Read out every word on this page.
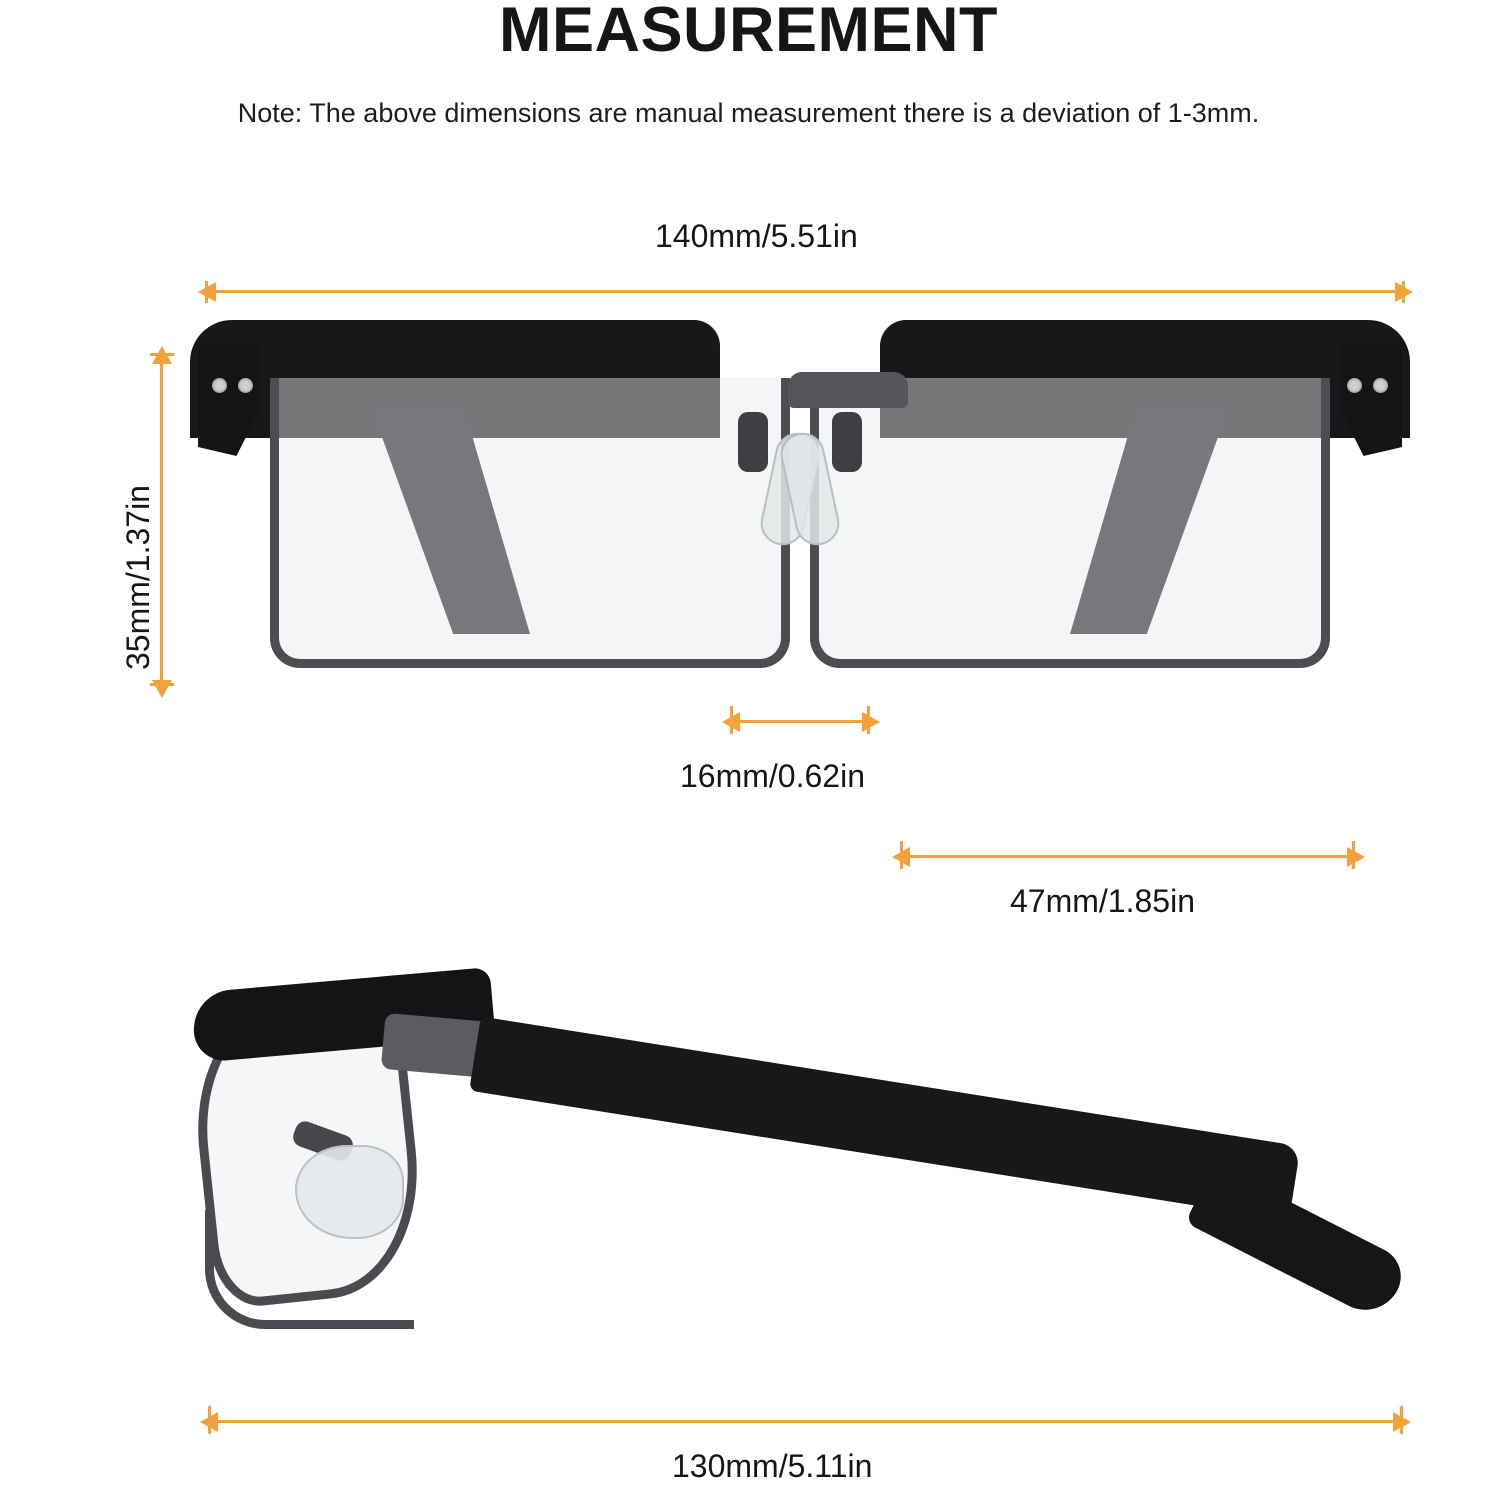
MEASUREMENT
Note: The above dimensions are manual measurement there is a deviation of 1-3mm.
140mm/5.51in
35mm/1.37in
16mm/0.62in
47mm/1.85in
130mm/5.11in
